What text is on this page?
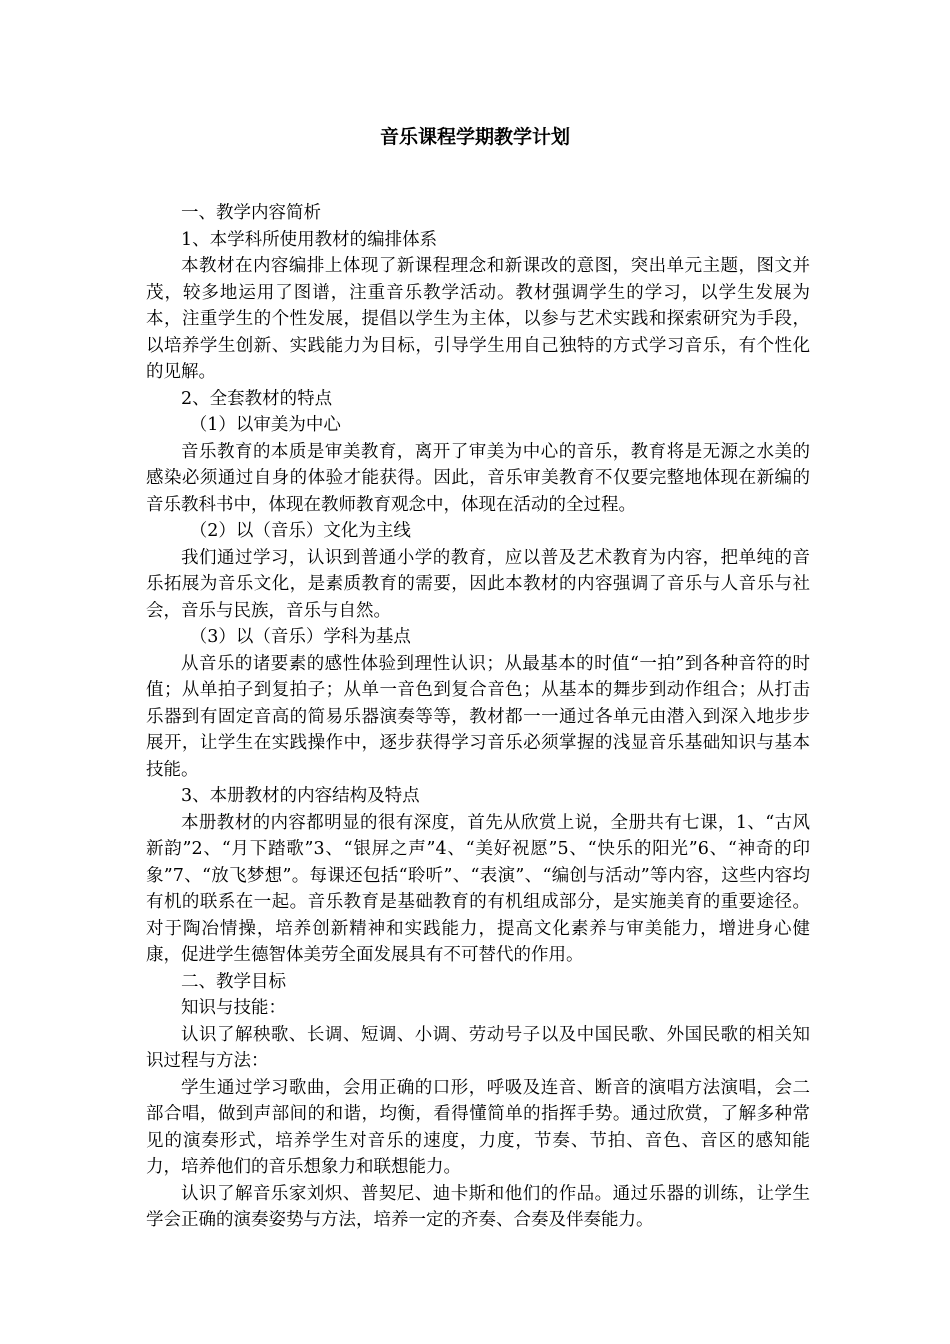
音乐课程学期教学计划

一、教学内容简析

1、本学科所使用教材的编排体系

本教材在内容编排上体现了新课程理念和新课改的意图，突出单元主题，图文并茂，较多地运用了图谱，注重音乐教学活动。教材强调学生的学习，以学生发展为本，注重学生的个性发展，提倡以学生为主体，以参与艺术实践和探索研究为手段，以培养学生创新、实践能力为目标，引导学生用自己独特的方式学习音乐，有个性化的见解。

2、全套教材的特点

（1）以审美为中心

音乐教育的本质是审美教育，离开了审美为中心的音乐，教育将是无源之水美的感染必须通过自身的体验才能获得。因此，音乐审美教育不仅要完整地体现在新编的音乐教科书中，体现在教师教育观念中，体现在活动的全过程。

（2）以（音乐）文化为主线

我们通过学习，认识到普通小学的教育，应以普及艺术教育为内容，把单纯的音乐拓展为音乐文化，是素质教育的需要，因此本教材的内容强调了音乐与人音乐与社会，音乐与民族，音乐与自然。

（3）以（音乐）学科为基点

从音乐的诸要素的感性体验到理性认识；从最基本的时值“一拍”到各种音符的时值；从单拍子到复拍子；从单一音色到复合音色；从基本的舞步到动作组合；从打击乐器到有固定音高的简易乐器演奏等等，教材都一一通过各单元由潜入到深入地步步展开，让学生在实践操作中，逐步获得学习音乐必须掌握的浅显音乐基础知识与基本技能。

3、本册教材的内容结构及特点

本册教材的内容都明显的很有深度，首先从欣赏上说，全册共有七课，1、“古风新韵”2、“月下踏歌”3、“银屏之声”4、“美好祝愿”5、“快乐的阳光”6、“神奇的印象”7、“放飞梦想”。每课还包括“聆听”、“表演”、“编创与活动”等内容，这些内容均有机的联系在一起。音乐教育是基础教育的有机组成部分，是实施美育的重要途径。对于陶冶情操，培养创新精神和实践能力，提高文化素养与审美能力，增进身心健康，促进学生德智体美劳全面发展具有不可替代的作用。

二、教学目标

知识与技能：

认识了解秧歌、长调、短调、小调、劳动号子以及中国民歌、外国民歌的相关知识过程与方法：

学生通过学习歌曲，会用正确的口形，呼吸及连音、断音的演唱方法演唱，会二部合唱，做到声部间的和谐，均衡，看得懂简单的指挥手势。通过欣赏，了解多种常见的演奏形式，培养学生对音乐的速度，力度，节奏、节拍、音色、音区的感知能力，培养他们的音乐想象力和联想能力。

认识了解音乐家刘炽、普契尼、迪卡斯和他们的作品。通过乐器的训练，让学生学会正确的演奏姿势与方法，培养一定的齐奏、合奏及伴奏能力。
